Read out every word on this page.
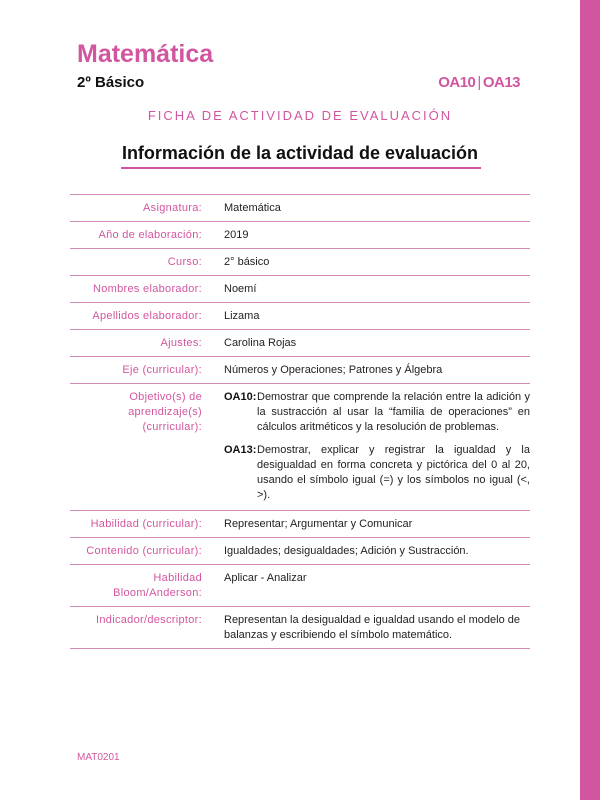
Matemática
2º Básico	OA10 | OA13
FICHA DE ACTIVIDAD DE EVALUACIÓN
Información de la actividad de evaluación
Asignatura:	Matemática
Año de elaboración:	2019
Curso:	2° básico
Nombres elaborador:	Noemí
Apellidos elaborador:	Lizama
Ajustes:	Carolina Rojas
Eje (curricular):	Números y Operaciones; Patrones y Álgebra
Objetivo(s) de aprendizaje(s) (curricular):	OA10: Demostrar que comprende la relación entre la adición y la sustracción al usar la “familia de operaciones” en cálculos aritméticos y la resolución de problemas.
OA13: Demostrar, explicar y registrar la igualdad y la desigualdad en forma concreta y pictórica del 0 al 20, usando el símbolo igual (=) y los símbolos no igual (<, >).

Habilidad (curricular):	Representar; Argumentar y Comunicar
Contenido (curricular):	Igualdades; desigualdades; Adición y Sustracción.
Habilidad Bloom/Anderson:	Aplicar - Analizar
Indicador/descriptor:	Representan la desigualdad e igualdad usando el modelo de balanzas y escribiendo el símbolo matemático.
MAT0201
